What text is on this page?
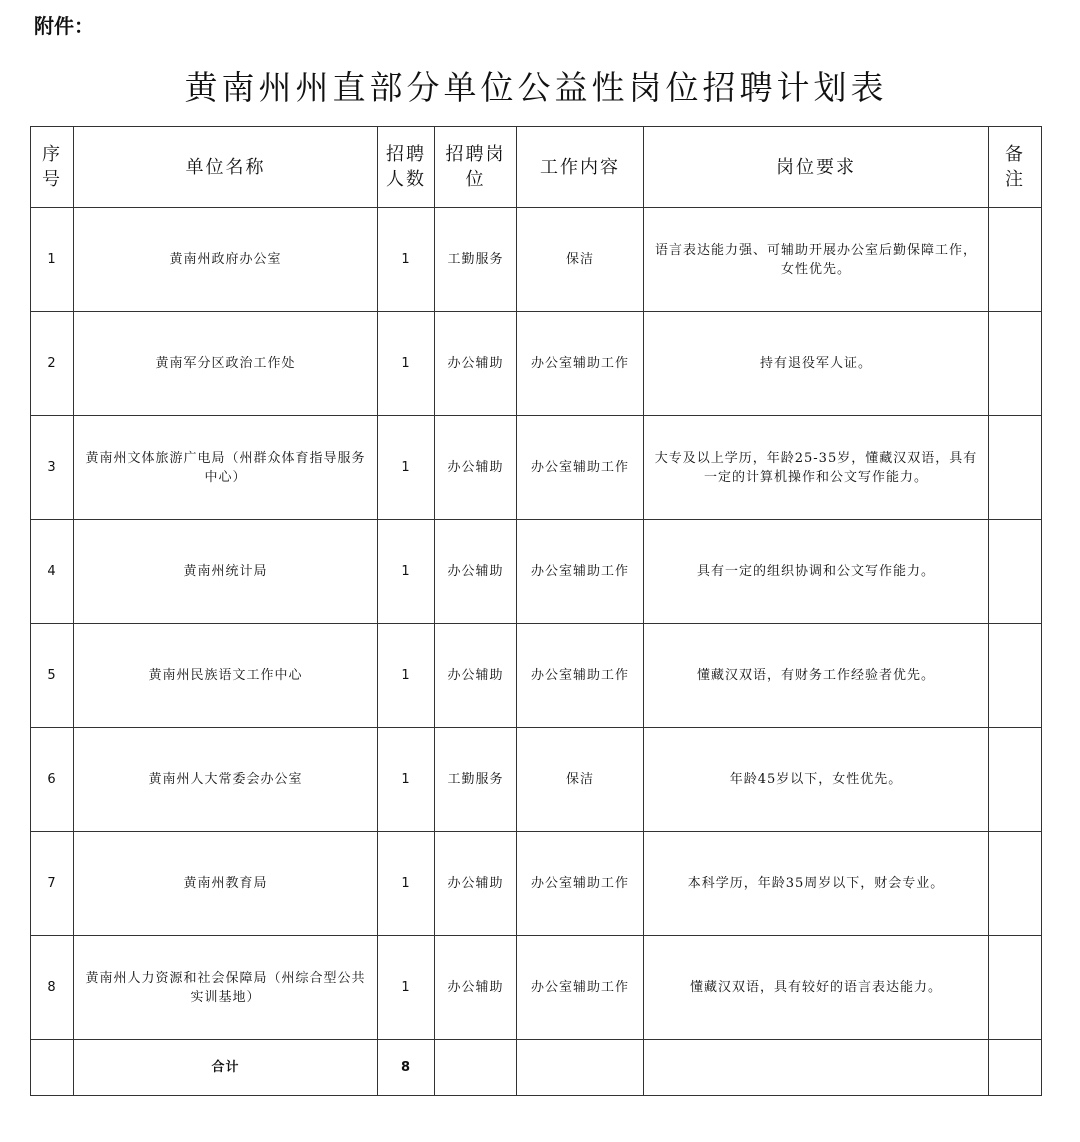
附件：
黄南州州直部分单位公益性岗位招聘计划表
序号	单位名称	招聘人数	招聘岗位	工作内容	岗位要求	备注
1	黄南州政府办公室	1	工勤服务	保洁	语言表达能力强、可辅助开展办公室后勤保障工作，女性优先。	
2	黄南军分区政治工作处	1	办公辅助	办公室辅助工作	持有退役军人证。	
3	黄南州文体旅游广电局（州群众体育指导服务中心）	1	办公辅助	办公室辅助工作	大专及以上学历，年龄25-35岁，懂藏汉双语，具有一定的计算机操作和公文写作能力。	
4	黄南州统计局	1	办公辅助	办公室辅助工作	具有一定的组织协调和公文写作能力。	
5	黄南州民族语文工作中心	1	办公辅助	办公室辅助工作	懂藏汉双语，有财务工作经验者优先。	
6	黄南州人大常委会办公室	1	工勤服务	保洁	年龄45岁以下，女性优先。	
7	黄南州教育局	1	办公辅助	办公室辅助工作	本科学历，年龄35周岁以下，财会专业。	
8	黄南州人力资源和社会保障局（州综合型公共实训基地）	1	办公辅助	办公室辅助工作	懂藏汉双语，具有较好的语言表达能力。	
	合计	8				
